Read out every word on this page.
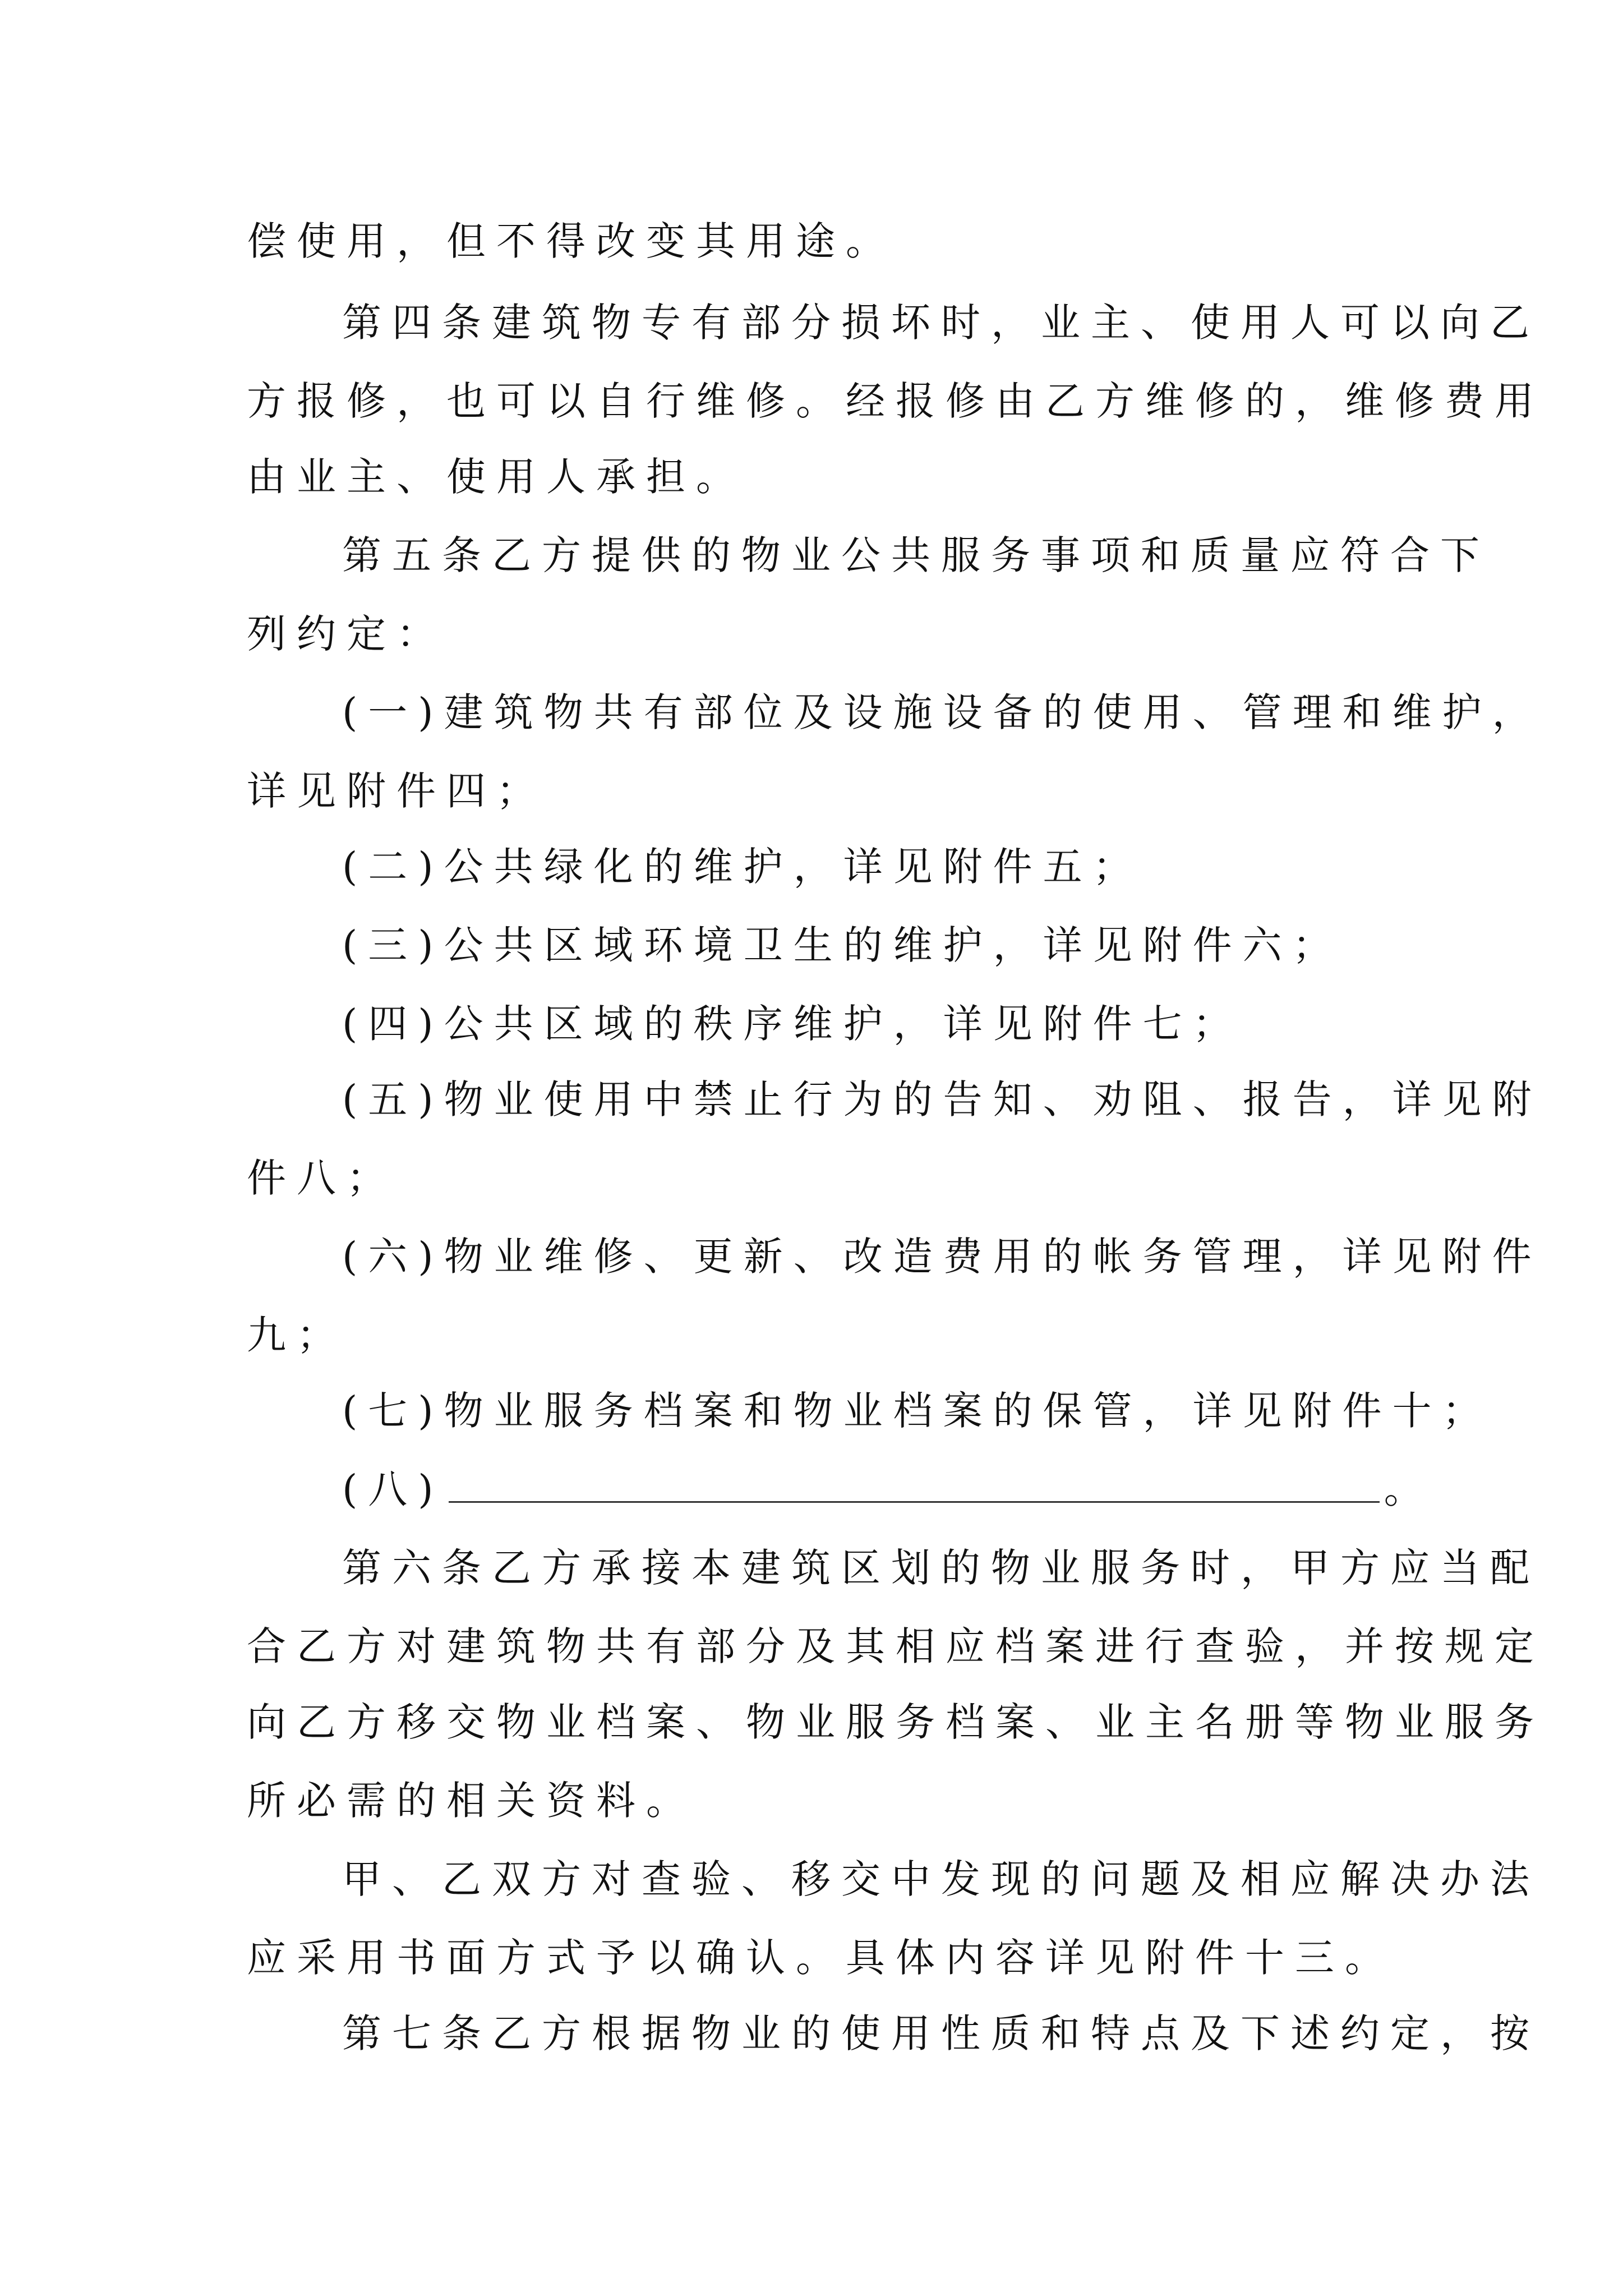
偿使用，但不得改变其用途。
第四条建筑物专有部分损坏时，业主、使用人可以向乙
方报修，也可以自行维修。经报修由乙方维修的，维修费用
由业主、使用人承担。
第五条乙方提供的物业公共服务事项和质量应符合下
列约定：
(一)建筑物共有部位及设施设备的使用、管理和维护，
详见附件四；
(二)公共绿化的维护，详见附件五；
(三)公共区域环境卫生的维护，详见附件六；
(四)公共区域的秩序维护，详见附件七；
(五)物业使用中禁止行为的告知、劝阻、报告，详见附
件八；
(六)物业维修、更新、改造费用的帐务管理，详见附件
九；
(七)物业服务档案和物业档案的保管，详见附件十；
(八)	。
第六条乙方承接本建筑区划的物业服务时，甲方应当配
合乙方对建筑物共有部分及其相应档案进行查验，并按规定
向乙方移交物业档案、物业服务档案、业主名册等物业服务
所必需的相关资料。
甲、乙双方对查验、移交中发现的问题及相应解决办法
应采用书面方式予以确认。具体内容详见附件十三。
第七条乙方根据物业的使用性质和特点及下述约定，按
